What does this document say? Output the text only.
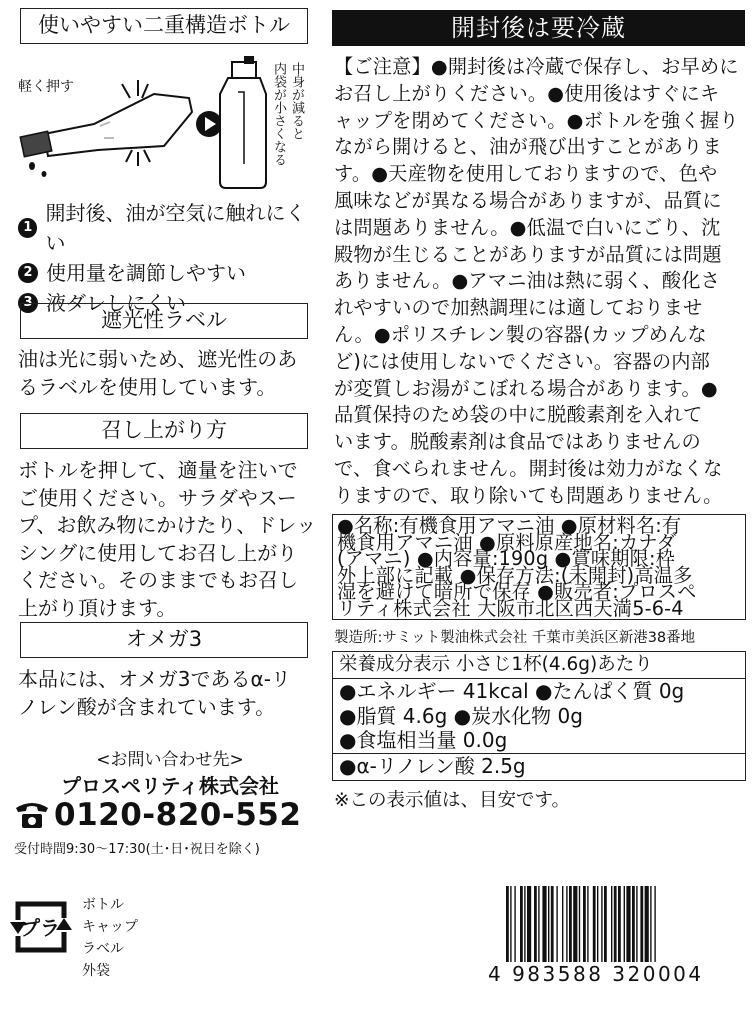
使いやすい二重構造ボトル
軽く押す	中身が減ると
内袋が小さくなる
1
開封後、油が空気に触れにくい
2 使用量を調節しやすい
3 液ダレしにくい
遮光性ラベル
油は光に弱いため、遮光性のあ
るラベルを使用しています。
召し上がり方
ボトルを押して、適量を注いで
ご使用ください。サラダやスー
プ、お飲み物にかけたり、ドレッ
シングに使用してお召し上がり
ください。そのままでもお召し
上がり頂けます。
オメガ3
本品には、オメガ3であるα-リ
ノレン酸が含まれています。
<お問い合わせ先>
プロスペリティ株式会社
0120-820-552
受付時間9:30〜17:30(土･日･祝日を除く)
プラ
ボトル
キャップ
ラベル
外袋
開封後は要冷蔵
【ご注意】●開封後は冷蔵で保存し、お早めに
お召し上がりください。●使用後はすぐにキ
ャップを閉めてください。●ボトルを強く握り
ながら開けると、油が飛び出すことがありま
す。●天産物を使用しておりますので、色や
風味などが異なる場合がありますが、品質に
は問題ありません。●低温で白いにごり、沈
殿物が生じることがありますが品質には問題
ありません。●アマニ油は熱に弱く、酸化さ
れやすいので加熱調理には適しておりませ
ん。●ポリスチレン製の容器(カップめんな
ど)には使用しないでください。容器の内部
が変質しお湯がこぼれる場合があります。●
品質保持のため袋の中に脱酸素剤を入れて
います。脱酸素剤は食品ではありませんの
で、食べられません。開封後は効力がなくな
りますので、取り除いても問題ありません。
●名称:有機食用アマニ油 ●原材料名:有
機食用アマニ油 ●原料原産地名:カナダ
(アマニ) ●内容量:190g ●賞味期限:枠
外上部に記載 ●保存方法:(未開封)高温多
湿を避けて暗所で保存 ●販売者:プロスペ
リティ株式会社 大阪市北区西天満5-6-4
製造所:サミット製油株式会社 千葉市美浜区新港38番地
栄養成分表示 小さじ1杯(4.6g)あたり
●エネルギー 41kcal ●たんぱく質 0g
●脂質 4.6g ●炭水化物 0g
●食塩相当量 0.0g
●α-リノレン酸 2.5g
※この表示値は、目安です。
4 983588 320004
